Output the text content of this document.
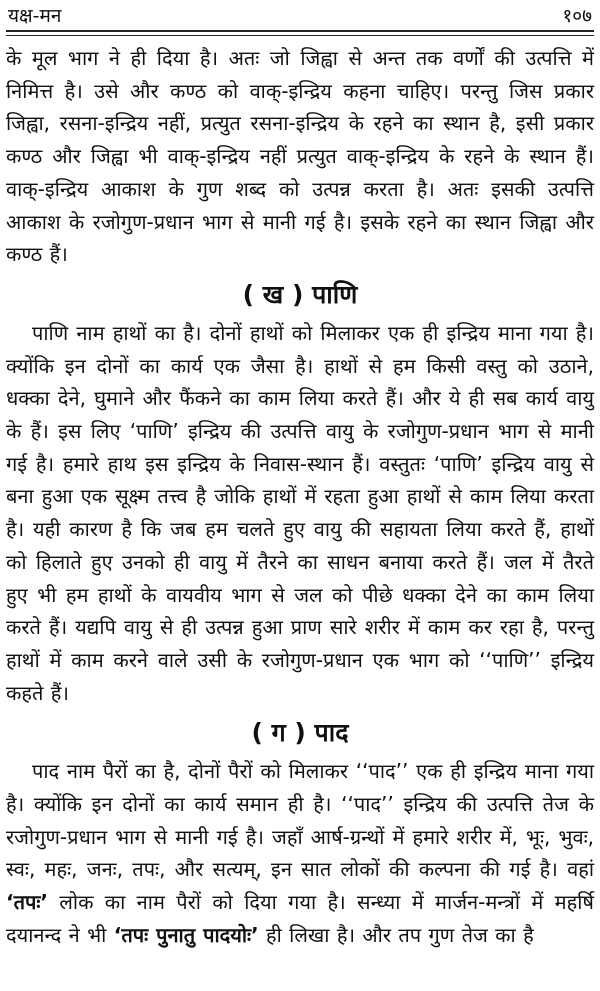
यक्ष-मन	१०७

के मूल भाग ने ही दिया है। अतः जो जिह्वा से अन्त तक वर्णों की उत्पत्ति में निमित्त है। उसे और कण्ठ को वाक्-इन्द्रिय कहना चाहिए। परन्तु जिस प्रकार जिह्वा, रसना-इन्द्रिय नहीं, प्रत्युत रसना-इन्द्रिय के रहने का स्थान है, इसी प्रकार कण्ठ और जिह्वा भी वाक्-इन्द्रिय नहीं प्रत्युत वाक्-इन्द्रिय के रहने के स्थान हैं। वाक्-इन्द्रिय आकाश के गुण शब्द को उत्पन्न करता है। अतः इसकी उत्पत्ति आकाश के रजोगुण-प्रधान भाग से मानी गई है। इसके रहने का स्थान जिह्वा और कण्ठ हैं।

( ख ) पाणि

पाणि नाम हाथों का है। दोनों हाथों को मिलाकर एक ही इन्द्रिय माना गया है। क्योंकि इन दोनों का कार्य एक जैसा है। हाथों से हम किसी वस्तु को उठाने, धक्का देने, घुमाने और फैंकने का काम लिया करते हैं। और ये ही सब कार्य वायु के हैं। इस लिए ‘पाणि’ इन्द्रिय की उत्पत्ति वायु के रजोगुण-प्रधान भाग से मानी गई है। हमारे हाथ इस इन्द्रिय के निवास-स्थान हैं। वस्तुतः ‘पाणि’ इन्द्रिय वायु से बना हुआ एक सूक्ष्म तत्त्व है जोकि हाथों में रहता हुआ हाथों से काम लिया करता है। यही कारण है कि जब हम चलते हुए वायु की सहायता लिया करते हैं, हाथों को हिलाते हुए उनको ही वायु में तैरने का साधन बनाया करते हैं। जल में तैरते हुए भी हम हाथों के वायवीय भाग से जल को पीछे धक्का देने का काम लिया करते हैं। यद्यपि वायु से ही उत्पन्न हुआ प्राण सारे शरीर में काम कर रहा है, परन्तु हाथों में काम करने वाले उसी के रजोगुण-प्रधान एक भाग को ‘‘पाणि’’ इन्द्रिय कहते हैं।

( ग ) पाद

पाद नाम पैरों का है, दोनों पैरों को मिलाकर ‘‘पाद’’ एक ही इन्द्रिय माना गया है। क्योंकि इन दोनों का कार्य समान ही है। ‘‘पाद’’ इन्द्रिय की उत्पत्ति तेज के रजोगुण-प्रधान भाग से मानी गई है। जहाँ आर्ष-ग्रन्थों में हमारे शरीर में, भूः, भुवः, स्वः, महः, जनः, तपः, और सत्यम्, इन सात लोकों की कल्पना की गई है। वहां ‘तपः’ लोक का नाम पैरों को दिया गया है। सन्ध्या में मार्जन-मन्त्रों में महर्षि दयानन्द ने भी ‘तपः पुनातु पादयोः’ ही लिखा है। और तप गुण तेज का है
